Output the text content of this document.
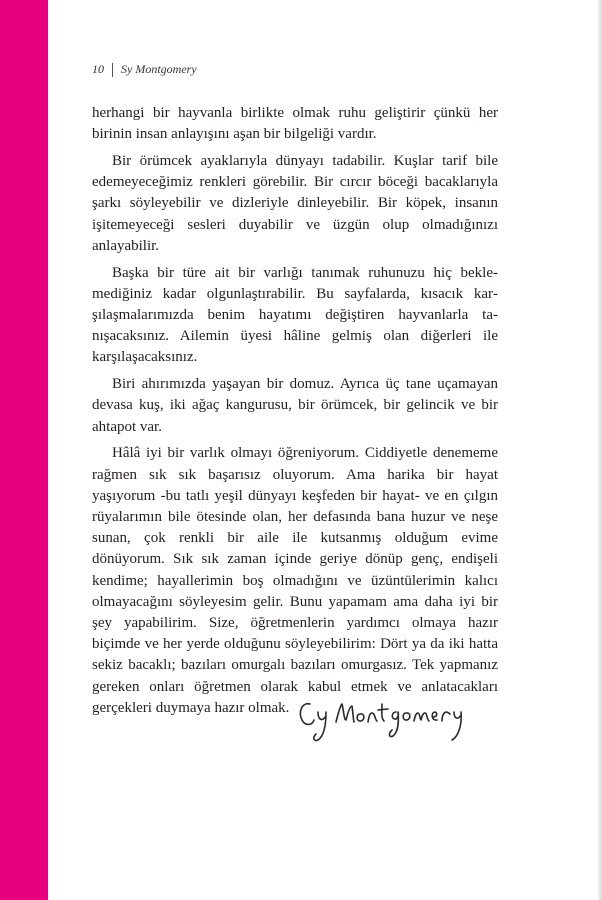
10 Sy Montgomery

herhangi bir hayvanla birlikte olmak ruhu geliştirir çünkü her birinin insan anlayışını aşan bir bilgeliği vardır.

Bir örümcek ayaklarıyla dünyayı tadabilir. Kuşlar tarif bile edemeyeceğimiz renkleri görebilir. Bir cırcır böceği bacaklarıyla şarkı söyleyebilir ve dizleriyle dinleyebilir. Bir köpek, insanın işitemeyeceği sesleri duyabilir ve üzgün olup olmadığınızı anlayabilir.

Başka bir türe ait bir varlığı tanımak ruhunuzu hiç beklemediğiniz kadar olgunlaştırabilir. Bu sayfalarda, kısacık karşılaşmalarımızda benim hayatımı değiştiren hayvanlarla tanışacaksınız. Ailemin üyesi hâline gelmiş olan diğerleri ile karşılaşacaksınız.

Biri ahırımızda yaşayan bir domuz. Ayrıca üç tane uçamayan devasa kuş, iki ağaç kangurusu, bir örümcek, bir gelincik ve bir ahtapot var.

Hâlâ iyi bir varlık olmayı öğreniyorum. Ciddiyetle denememe rağmen sık sık başarısız oluyorum. Ama harika bir hayat yaşıyorum -bu tatlı yeşil dünyayı keşfeden bir hayat- ve en çılgın rüyalarımın bile ötesinde olan, her defasında bana huzur ve neşe sunan, çok renkli bir aile ile kutsanmış olduğum evime dönüyorum. Sık sık zaman içinde geriye dönüp genç, endişeli kendime; hayallerimin boş olmadığını ve üzüntülerimin kalıcı olmayacağını söyleyesim gelir. Bunu yapamam ama daha iyi bir şey yapabilirim. Size, öğretmenlerin yardımcı olmaya hazır biçimde ve her yerde olduğunu söyleyebilirim: Dört ya da iki hatta sekiz bacaklı; bazıları omurgalı bazıları omurgasız. Tek yapmanız gereken onları öğretmen olarak kabul etmek ve anlatacakları gerçekleri duymaya hazır olmak.
